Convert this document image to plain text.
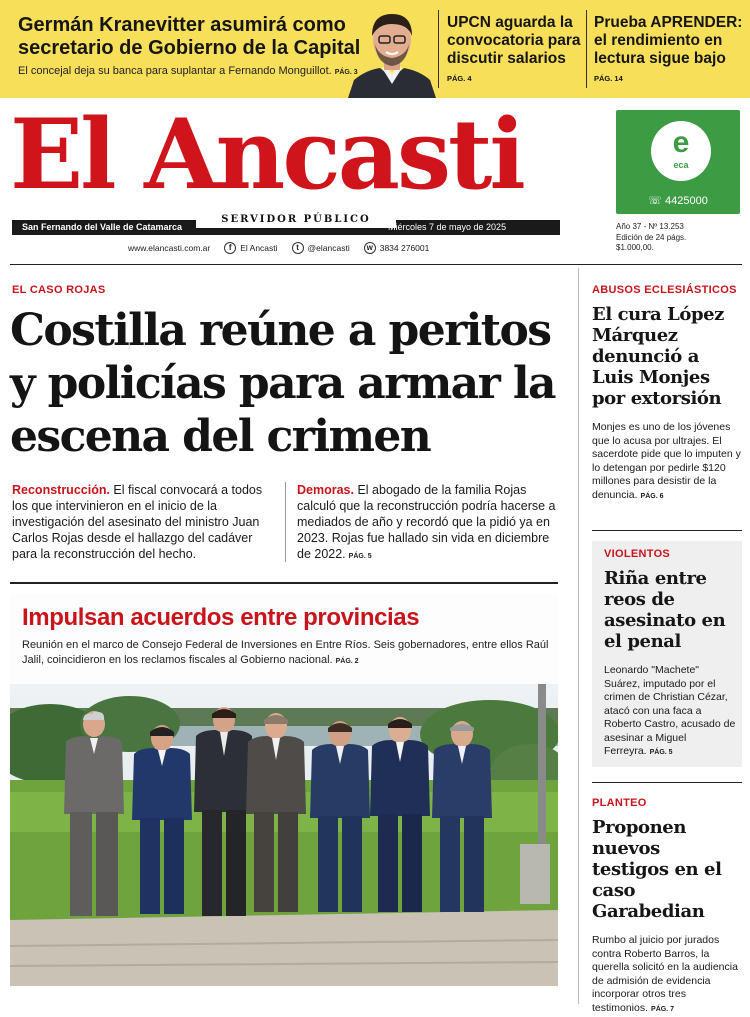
Germán Kranevitter asumirá como secretario de Gobierno de la Capital

El concejal deja su banca para suplantar a Fernando Monguillot. PÁG. 3

UPCN aguarda la convocatoria para discutir salarios
PÁG. 4
Prueba APRENDER: el rendimiento en lectura sigue bajo
PÁG. 14
El Ancasti
San Fernando del Valle de Catamarca
SERVIDOR PÚBLICO
Miércoles 7 de mayo de 2025
www.elancasti.com.ar	f	El Ancasti	t	@elancasti	w 3834 276001
e
eca
☏ 4425000
Año 37 - Nº 13.253
Edición de 24 págs.
$1.000,00.
EL CASO ROJAS
Costilla reúne a peritos y policías para armar la escena del crimen
Reconstrucción. El fiscal convocará a todos los que intervinieron en el inicio de la investigación del asesinato del ministro Juan Carlos Rojas desde el hallazgo del cadáver para la reconstrucción del hecho.
Demoras. El abogado de la familia Rojas calculó que la reconstrucción podría hacerse a mediados de año y recordó que la pidió ya en 2023. Rojas fue hallado sin vida en diciembre de 2022. PÁG. 5
Impulsan acuerdos entre provincias
Reunión en el marco de Consejo Federal de Inversiones en Entre Ríos. Seis gobernadores, entre ellos Raúl Jalil, coincidieron en los reclamos fiscales al Gobierno nacional. PÁG. 2
ABUSOS ECLESIÁSTICOS
El cura López Márquez denunció a Luis Monjes por extorsión

Monjes es uno de los jóvenes que lo acusa por ultrajes. El sacerdote pide que lo imputen y lo detengan por pedirle $120 millones para desistir de la denuncia. PÁG. 6

VIOLENTOS
Riña entre reos de asesinato en el penal

Leonardo "Machete" Suárez, imputado por el crimen de Christian Cézar, atacó con una faca a Roberto Castro, acusado de asesinar a Miguel Ferreyra. PÁG. 5

PLANTEO
Proponen nuevos testigos en el caso Garabedian

Rumbo al juicio por jurados contra Roberto Barros, la querella solicitó en la audiencia de admisión de evidencia incorporar otros tres testimonios. PÁG. 7
